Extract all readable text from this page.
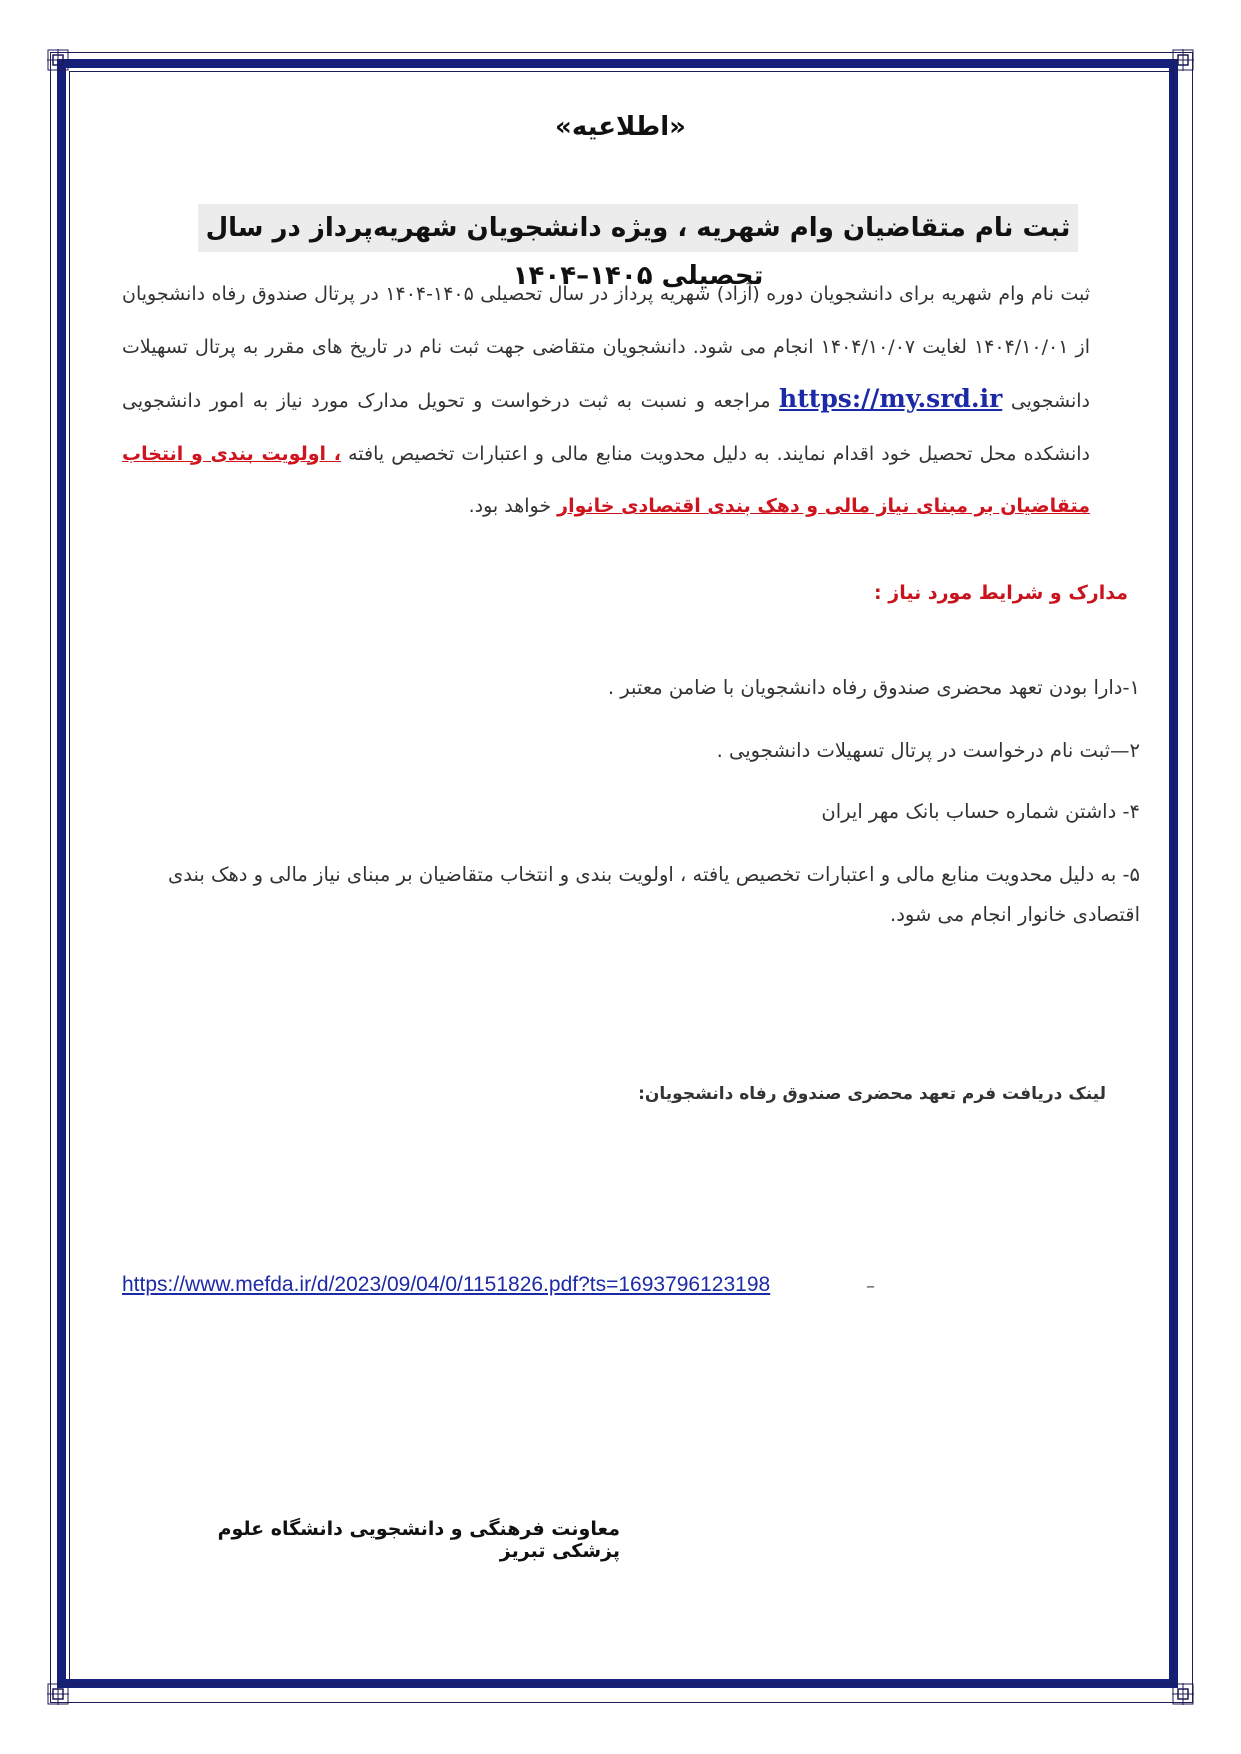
«اطلاعیه»
ثبت نام متقاضیان وام شهریه ، ویژه دانشجویان شهریه‌پرداز در سال تحصیلی ۱۴۰۵–۱۴۰۴
ثبت نام وام شهریه برای دانشجویان دوره (آزاد) شهریه پرداز در سال تحصیلی ۱۴۰۵-۱۴۰۴ در پرتال صندوق رفاه دانشجویان از ۱۴۰۴/۱۰/۰۱ لغایت ۱۴۰۴/۱۰/۰۷ انجام می شود. دانشجویان متقاضی جهت ثبت نام در تاریخ های مقرر به پرتال تسهیلات دانشجویی https://my.srd.ir مراجعه و نسبت به ثبت درخواست و تحویل مدارک مورد نیاز به امور دانشجویی دانشکده محل تحصیل خود اقدام نمایند. به دلیل محدویت منابع مالی و اعتبارات تخصیص یافته ، اولویت بندی و انتخاب متقاضیان بر مبنای نیاز مالی و دهک بندی اقتصادی خانوار خواهد بود.
مدارک و شرایط مورد نیاز :
۱-دارا بودن تعهد محضری صندوق رفاه دانشجویان با ضامن معتبر .
۲—ثبت نام درخواست در پرتال تسهیلات دانشجویی .
۴- داشتن شماره حساب بانک مهر ایران
۵- به دلیل محدویت منابع مالی و اعتبارات تخصیص یافته ، اولویت بندی و انتخاب متقاضیان بر مبنای نیاز مالی و دهک بندی اقتصادی خانوار انجام می شود.
لینک دریافت فرم تعهد محضری صندوق رفاه دانشجویان:
–
https://www.mefda.ir/d/2023/09/04/0/1151826.pdf?ts=1693796123198
معاونت فرهنگی و دانشجویی دانشگاه علوم پزشکی تبریز
